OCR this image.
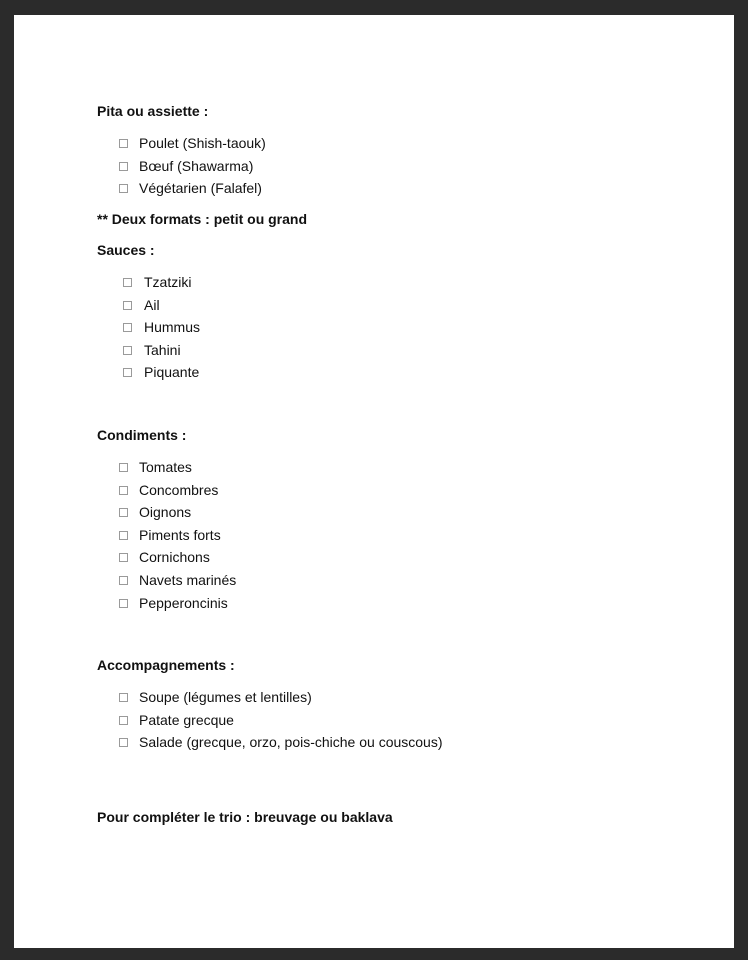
Pita ou assiette :
Poulet (Shish-taouk)
Bœuf (Shawarma)
Végétarien (Falafel)
** Deux formats : petit ou grand
Sauces :
Tzatziki
Ail
Hummus
Tahini
Piquante
Condiments :
Tomates
Concombres
Oignons
Piments forts
Cornichons
Navets marinés
Pepperoncinis
Accompagnements :
Soupe (légumes et lentilles)
Patate grecque
Salade (grecque, orzo, pois-chiche ou couscous)
Pour compléter le trio : breuvage ou baklava
